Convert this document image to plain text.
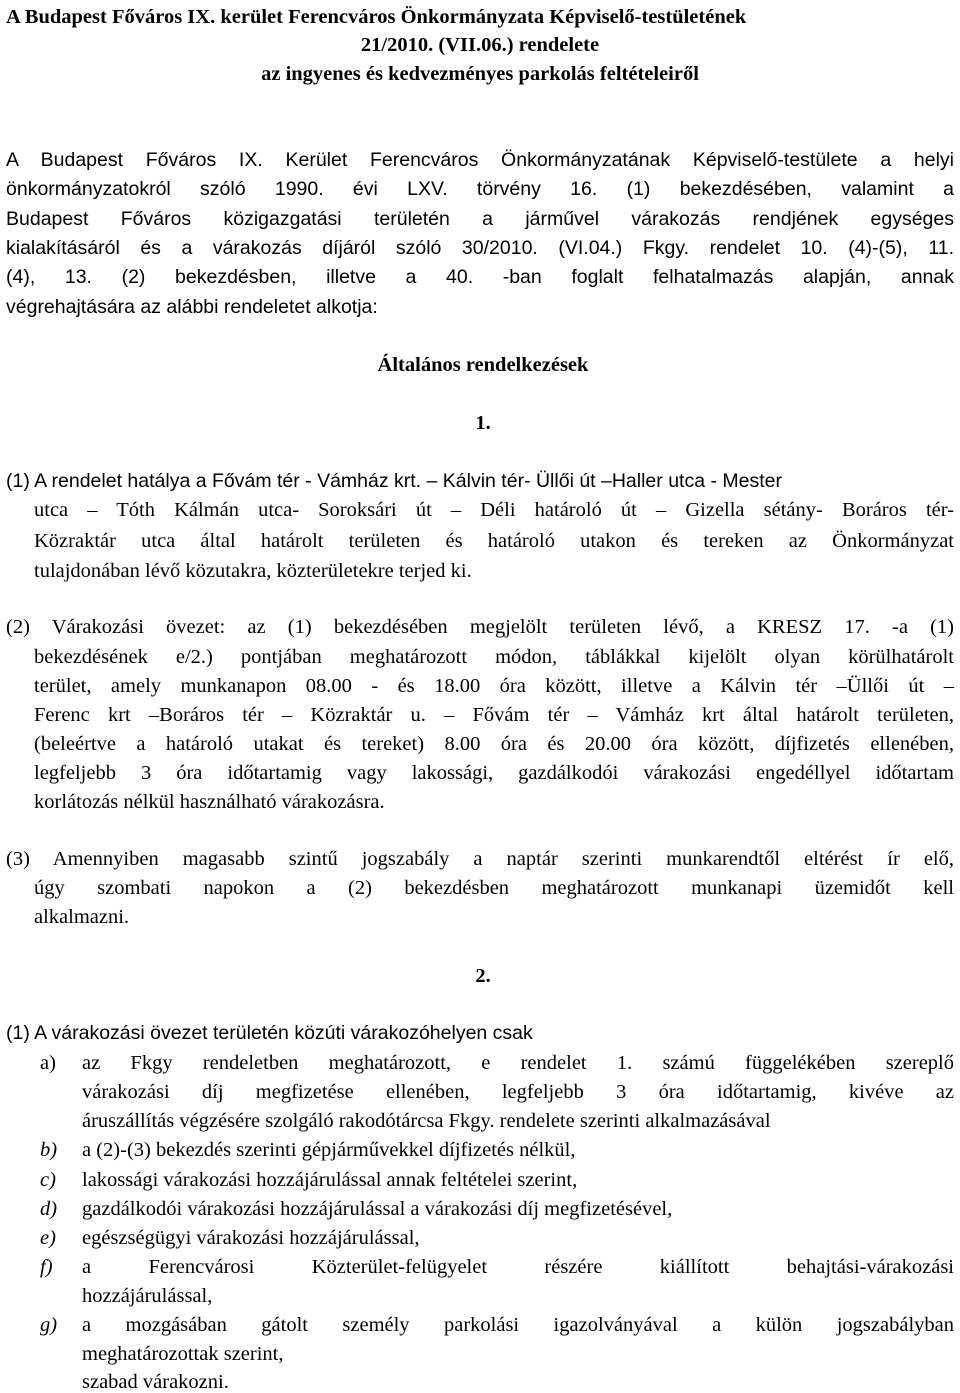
A Budapest Főváros IX. kerület Ferencváros Önkormányzata Képviselő-testületének
21/2010. (VII.06.) rendelete
az ingyenes és kedvezményes parkolás feltételeiről
A Budapest Főváros IX. Kerület Ferencváros Önkormányzatának Képviselő-testülete a helyi
önkormányzatokról szóló 1990. évi LXV. törvény 16. (1) bekezdésében, valamint a
Budapest Főváros közigazgatási területén a járművel várakozás rendjének egységes
kialakításáról és a várakozás díjáról szóló 30/2010. (VI.04.) Fkgy. rendelet 10. (4)-(5), 11.
(4), 13. (2) bekezdésben, illetve a 40. -ban foglalt felhatalmazás alapján, annak
végrehajtására az alábbi rendeletet alkotja:
Általános rendelkezések
1.
(1) A rendelet hatálya a Fővám tér - Vámház krt. – Kálvin tér- Üllői út –Haller utca - Mester
utca – Tóth Kálmán utca- Soroksári út – Déli határoló út – Gizella sétány- Boráros tér-
Közraktár utca által határolt területen és határoló utakon és tereken az Önkormányzat
tulajdonában lévő közutakra, közterületekre terjed ki.
(2) Várakozási övezet: az (1) bekezdésében megjelölt területen lévő, a KRESZ 17. -a (1)
bekezdésének e/2.) pontjában meghatározott módon, táblákkal kijelölt olyan körülhatárolt
terület, amely munkanapon 08.00 - és 18.00 óra között, illetve a Kálvin tér –Üllői út –
Ferenc krt –Boráros tér – Közraktár u. – Fővám tér – Vámház krt által határolt területen,
(beleértve a határoló utakat és tereket) 8.00 óra és 20.00 óra között, díjfizetés ellenében,
legfeljebb 3 óra időtartamig vagy lakossági, gazdálkodói várakozási engedéllyel időtartam
korlátozás nélkül használható várakozásra.
(3) Amennyiben magasabb szintű jogszabály a naptár szerinti munkarendtől eltérést ír elő,
úgy szombati napokon a (2) bekezdésben meghatározott munkanapi üzemidőt kell
alkalmazni.
2.
(1) A várakozási övezet területén közúti várakozóhelyen csak
a) az Fkgy rendeletben meghatározott, e rendelet 1. számú függelékében szereplő
várakozási díj megfizetése ellenében, legfeljebb 3 óra időtartamig, kivéve az
áruszállítás végzésére szolgáló rakodótárcsa Fkgy. rendelete szerinti alkalmazásával
b) a (2)-(3) bekezdés szerinti gépjárművekkel díjfizetés nélkül,
c) lakossági várakozási hozzájárulással annak feltételei szerint,
d) gazdálkodói várakozási hozzájárulással a várakozási díj megfizetésével,
e) egészségügyi várakozási hozzájárulással,
f) a Ferencvárosi Közterület-felügyelet részére kiállított behajtási-várakozási
hozzájárulással,
g) a mozgásában gátolt személy parkolási igazolványával a külön jogszabályban
meghatározottak szerint,
szabad várakozni.
